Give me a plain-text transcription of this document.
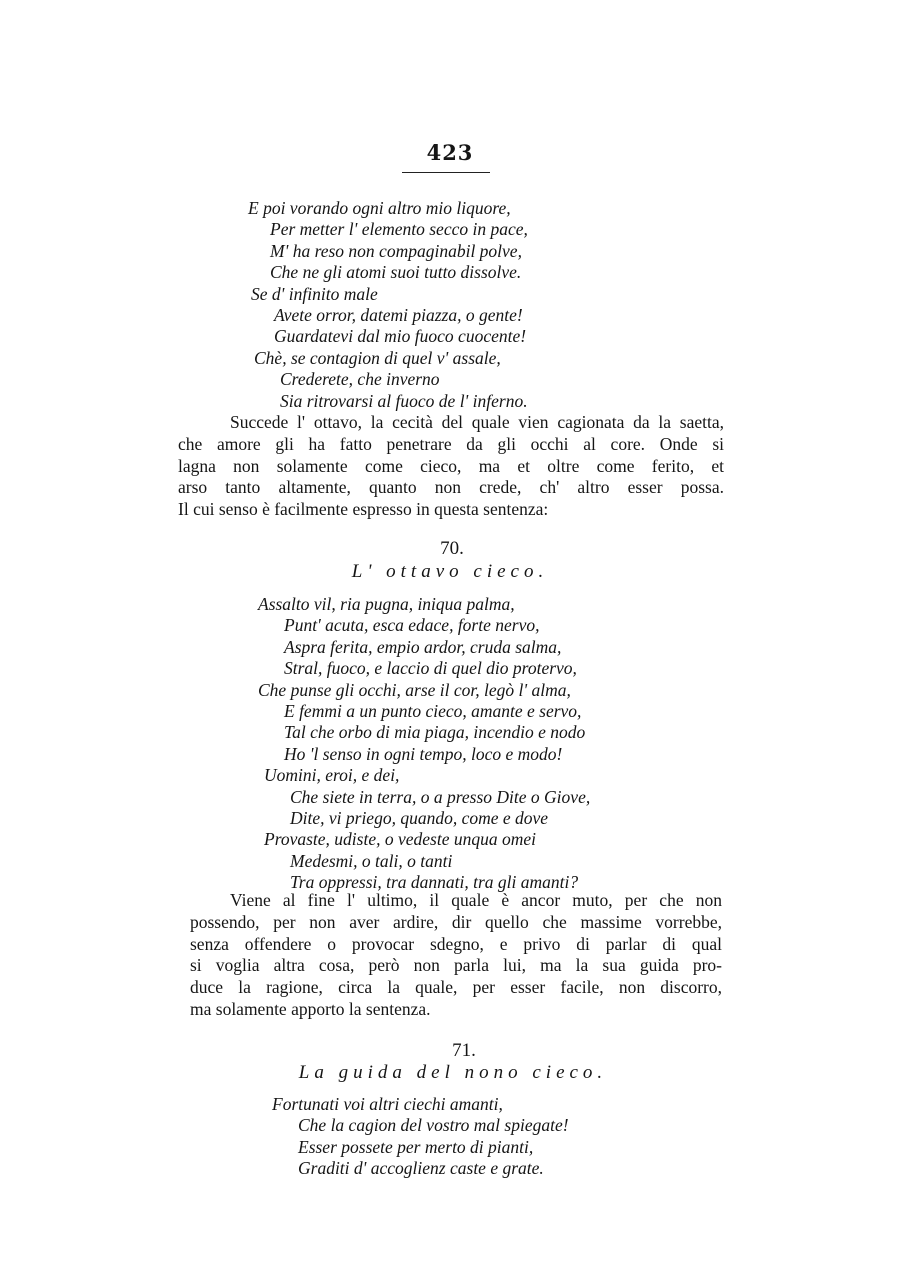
423
E poi vorando ogni altro mio liquore,
Per metter l' elemento secco in pace,
M' ha reso non compaginabil polve,
Che ne gli atomi suoi tutto dissolve.
Se d' infinito male
Avete orror, datemi piazza, o gente!
Guardatevi dal mio fuoco cuocente!
Chè, se contagion di quel v' assale,
Crederete, che inverno
Sia ritrovarsi al fuoco de l' inferno.
Succede l' ottavo, la cecità del quale vien cagionata da la saetta,
che amore gli ha fatto penetrare da gli occhi al core. Onde si
lagna non solamente come cieco, ma et oltre come ferito, et
arso tanto altamente, quanto non crede, ch' altro esser possa.
Il cui senso è facilmente espresso in questa sentenza:
70.
L' ottavo cieco.
Assalto vil, ria pugna, iniqua palma,
Punt' acuta, esca edace, forte nervo,
Aspra ferita, empio ardor, cruda salma,
Stral, fuoco, e laccio di quel dio protervo,
Che punse gli occhi, arse il cor, legò l' alma,
E femmi a un punto cieco, amante e servo,
Tal che orbo di mia piaga, incendio e nodo
Ho 'l senso in ogni tempo, loco e modo!
Uomini, eroi, e dei,
Che siete in terra, o a presso Dite o Giove,
Dite, vi priego, quando, come e dove
Provaste, udiste, o vedeste unqua omei
Medesmi, o tali, o tanti
Tra oppressi, tra dannati, tra gli amanti?
Viene al fine l' ultimo, il quale è ancor muto, per che non
possendo, per non aver ardire, dir quello che massime vorrebbe,
senza offendere o provocar sdegno, e privo di parlar di qual
si voglia altra cosa, però non parla lui, ma la sua guida pro-
duce la ragione, circa la quale, per esser facile, non discorro,
ma solamente apporto la sentenza.
71.
La guida del nono cieco.
Fortunati voi altri ciechi amanti,
Che la cagion del vostro mal spiegate!
Esser possete per merto di pianti,
Graditi d' accoglienz caste e grate.
